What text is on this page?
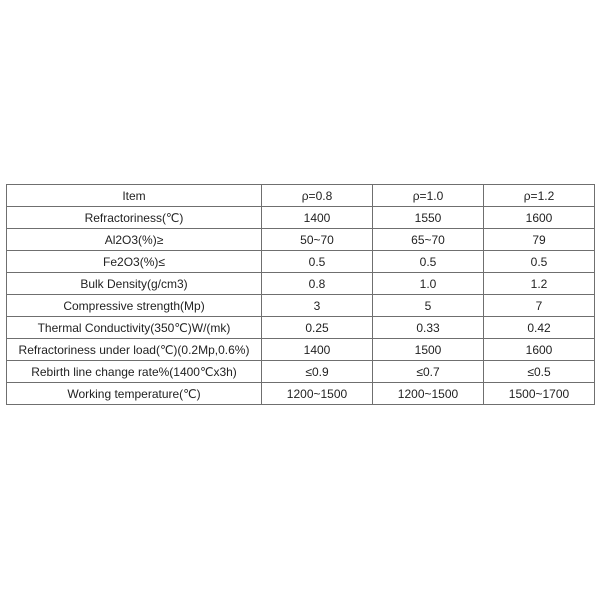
Item	ρ=0.8	ρ=1.0	ρ=1.2
Refractoriness(℃)	1400	1550	1600
Al2O3(%)≥	50~70	65~70	79
Fe2O3(%)≤	0.5	0.5	0.5
Bulk Density(g/cm3)	0.8	1.0	1.2
Compressive strength(Mp)	3	5	7
Thermal Conductivity(350℃)W/(mk)	0.25	0.33	0.42
Refractoriness under load(℃)(0.2Mp,0.6%)	1400	1500	1600
Rebirth line change rate%(1400℃x3h)	≤0.9	≤0.7	≤0.5
Working temperature(℃)	1200~1500	1200~1500	1500~1700
